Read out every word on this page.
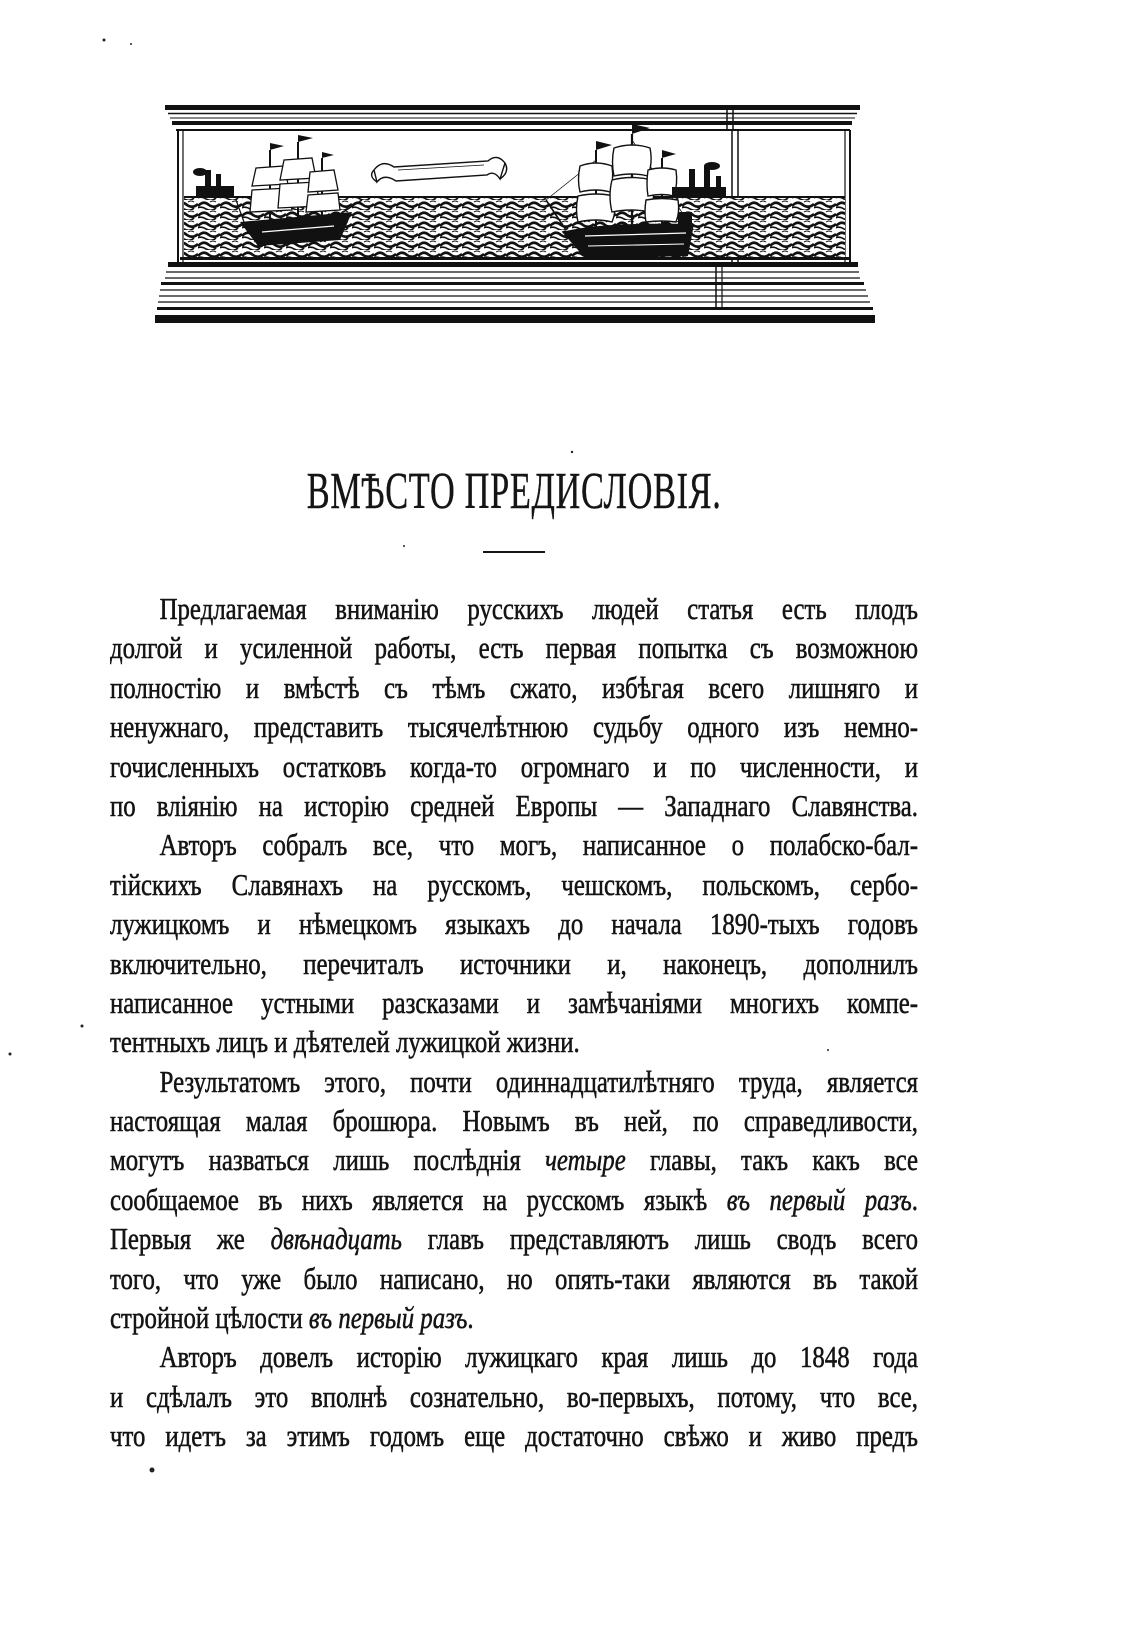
ВМѢСТО ПРЕДИСЛОВІЯ.
Предлагаемая вниманію русскихъ людей статья есть плодъ
долгой и усиленной работы, есть первая попытка съ возможною
полностію и вмѣстѣ съ тѣмъ сжато, избѣгая всего лишняго и
ненужнаго, представить тысячелѣтнюю судьбу одного изъ немно-
гочисленныхъ остатковъ когда-то огромнаго и по численности, и
по вліянію на исторію средней Европы — Западнаго Славянства.
Авторъ собралъ все, что могъ, написанное о полабско-бал-
тійскихъ Славянахъ на русскомъ, чешскомъ, польскомъ, сербо-
лужицкомъ и нѣмецкомъ языкахъ до начала 1890-тыхъ годовъ
включительно, перечиталъ источники и, наконецъ, дополнилъ
написанное устными разсказами и замѣчаніями многихъ компе-
тентныхъ лицъ и дѣятелей лужицкой жизни.
Результатомъ этого, почти одиннадцатилѣтняго труда, является
настоящая малая брошюра. Новымъ въ ней, по справедливости,
могутъ назваться лишь послѣднія четыре главы, такъ какъ все
сообщаемое въ нихъ является на русскомъ языкѣ въ первый разъ.
Первыя же двѣнадцать главъ представляютъ лишь сводъ всего
того, что уже было написано, но опять-таки являются въ такой
стройной цѣлости въ первый разъ.
Авторъ довелъ исторію лужицкаго края лишь до 1848 года
и сдѣлалъ это вполнѣ сознательно, во-первыхъ, потому, что все,
что идетъ за этимъ годомъ еще достаточно свѣжо и живо предъ
